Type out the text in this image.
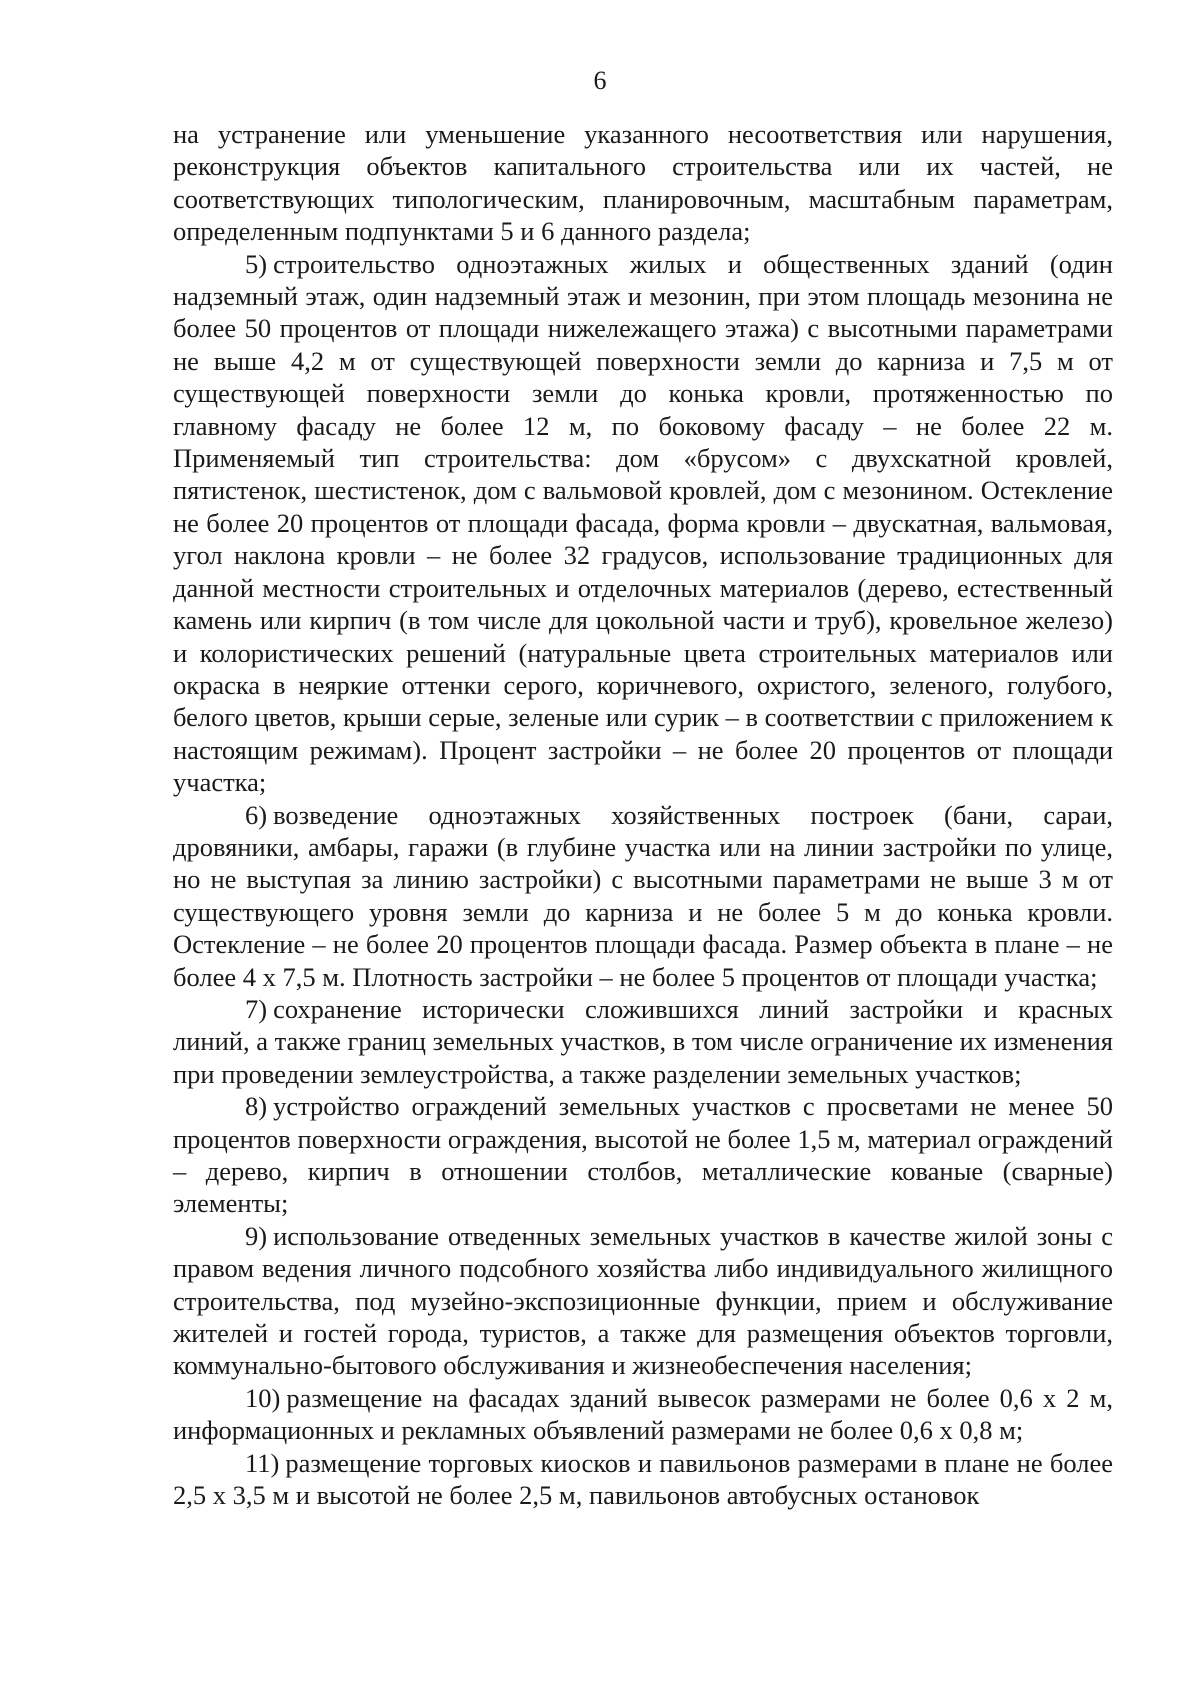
6

на устранение или уменьшение указанного несоответствия или нарушения, реконструкция объектов капитального строительства или их частей, не соответствующих типологическим, планировочным, масштабным параметрам, определенным подпунктами 5 и 6 данного раздела;

5) строительство одноэтажных жилых и общественных зданий (один надземный этаж, один надземный этаж и мезонин, при этом площадь мезонина не более 50 процентов от площади нижележащего этажа) с высотными параметрами не выше 4,2 м от существующей поверхности земли до карниза и 7,5 м от существующей поверхности земли до конька кровли, протяженностью по главному фасаду не более 12 м, по боковому фасаду – не более 22 м. Применяемый тип строительства: дом «брусом» с двухскатной кровлей, пятистенок, шестистенок, дом с вальмовой кровлей, дом с мезонином. Остекление не более 20 процентов от площади фасада, форма кровли – двускатная, вальмовая, угол наклона кровли – не более 32 градусов, использование традиционных для данной местности строительных и отделочных материалов (дерево, естественный камень или кирпич (в том числе для цокольной части и труб), кровельное железо) и колористических решений (натуральные цвета строительных материалов или окраска в неяркие оттенки серого, коричневого, охристого, зеленого, голубого, белого цветов, крыши серые, зеленые или сурик – в соответствии с приложением к настоящим режимам). Процент застройки – не более 20 процентов от площади участка;

6) возведение одноэтажных хозяйственных построек (бани, сараи, дровяники, амбары, гаражи (в глубине участка или на линии застройки по улице, но не выступая за линию застройки) с высотными параметрами не выше 3 м от существующего уровня земли до карниза и не более 5 м до конька кровли. Остекление – не более 20 процентов площади фасада. Размер объекта в плане – не более 4 х 7,5 м. Плотность застройки – не более 5 процентов от площади участка;

7) сохранение исторически сложившихся линий застройки и красных линий, а также границ земельных участков, в том числе ограничение их изменения при проведении землеустройства, а также разделении земельных участков;

8) устройство ограждений земельных участков с просветами не менее 50 процентов поверхности ограждения, высотой не более 1,5 м, материал ограждений – дерево, кирпич в отношении столбов, металлические кованые (сварные) элементы;

9) использование отведенных земельных участков в качестве жилой зоны с правом ведения личного подсобного хозяйства либо индивидуального жилищного строительства, под музейно-экспозиционные функции, прием и обслуживание жителей и гостей города, туристов, а также для размещения объектов торговли, коммунально-бытового обслуживания и жизнеобеспечения населения;

10) размещение на фасадах зданий вывесок размерами не более 0,6 х 2 м, информационных и рекламных объявлений размерами не более 0,6 х 0,8 м;

11) размещение торговых киосков и павильонов размерами в плане не более 2,5 х 3,5 м и высотой не более 2,5 м, павильонов автобусных остановок
